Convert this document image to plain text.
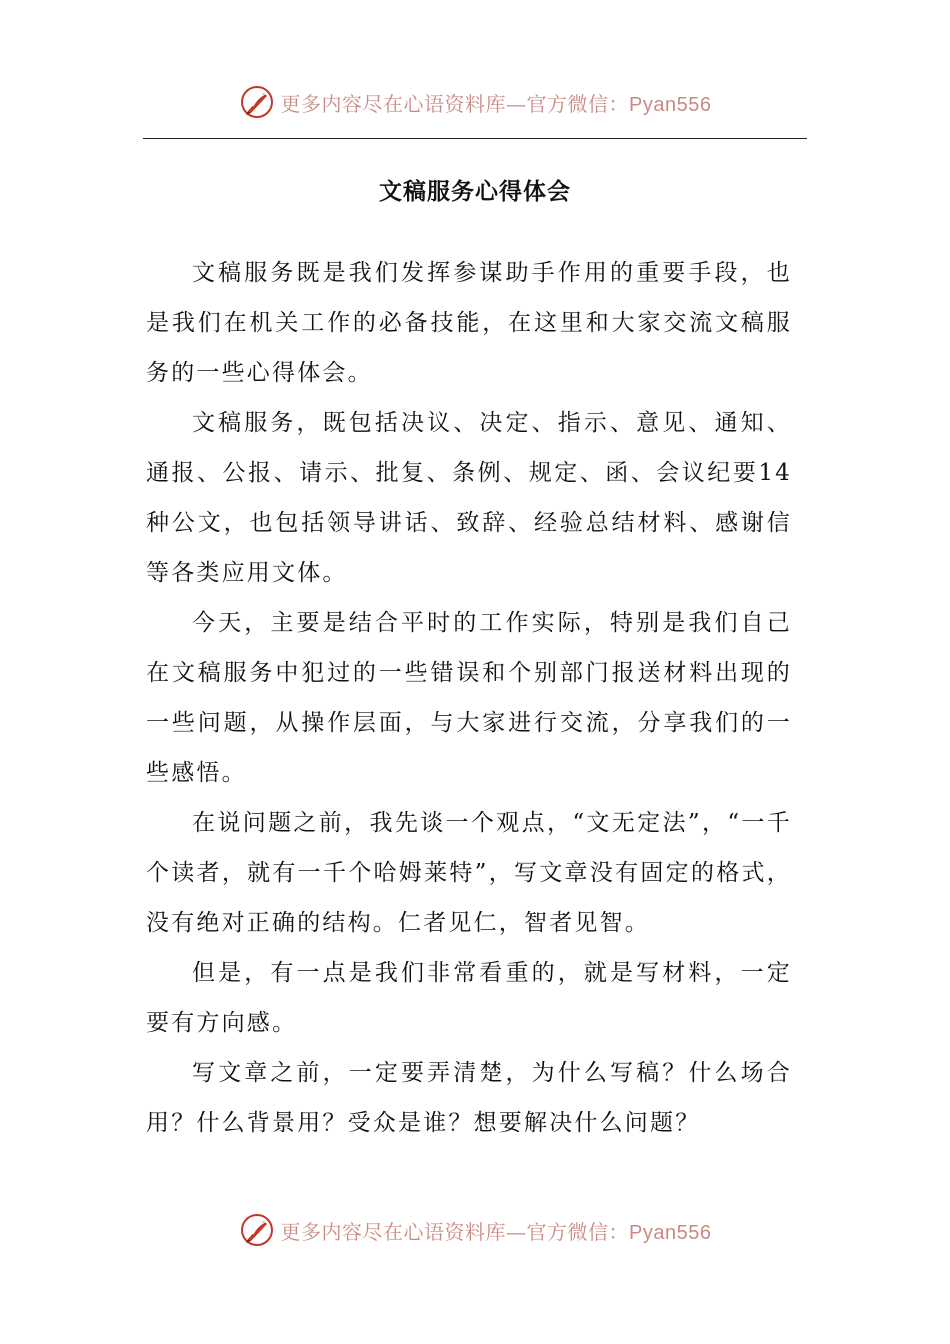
更多内容尽在心语资料库—官方微信：Pyan556
文稿服务心得体会

文稿服务既是我们发挥参谋助手作用的重要手段，也是我们在机关工作的必备技能，在这里和大家交流文稿服务的一些心得体会。

文稿服务，既包括决议、决定、指示、意见、通知、通报、公报、请示、批复、条例、规定、函、会议纪要14种公文，也包括领导讲话、致辞、经验总结材料、感谢信等各类应用文体。

今天，主要是结合平时的工作实际，特别是我们自己在文稿服务中犯过的一些错误和个别部门报送材料出现的一些问题，从操作层面，与大家进行交流，分享我们的一些感悟。

在说问题之前，我先谈一个观点，“文无定法”，“一千个读者，就有一千个哈姆莱特”，写文章没有固定的格式，没有绝对正确的结构。仁者见仁，智者见智。

但是，有一点是我们非常看重的，就是写材料，一定要有方向感。

写文章之前，一定要弄清楚，为什么写稿？什么场合用？什么背景用？受众是谁？想要解决什么问题？

更多内容尽在心语资料库—官方微信：Pyan556
